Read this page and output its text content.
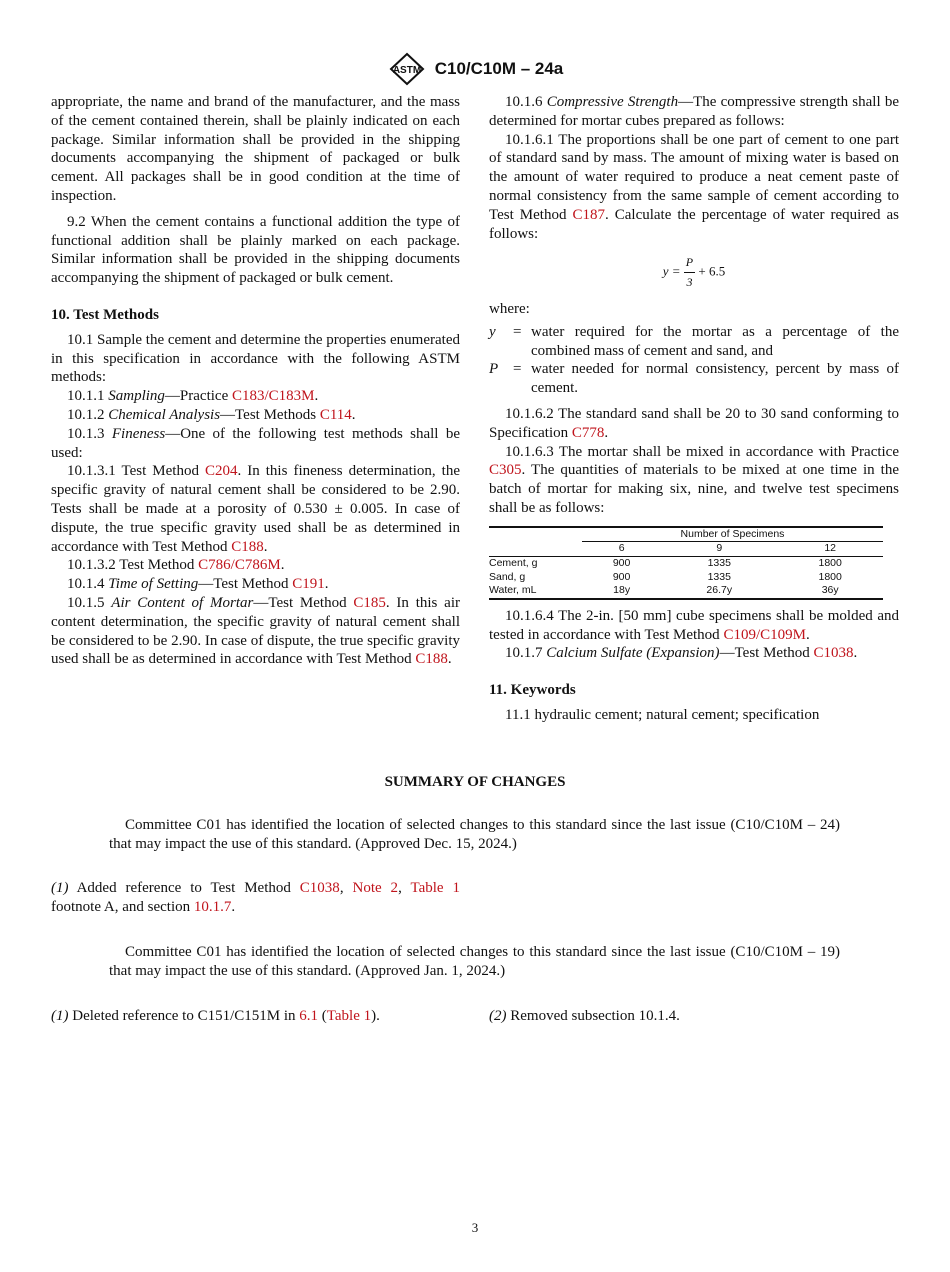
ASTM C10/C10M – 24a

appropriate, the name and brand of the manufacturer, and the mass of the cement contained therein, shall be plainly indicated on each package. Similar information shall be provided in the shipping documents accompanying the shipment of packaged or bulk cement. All packages shall be in good condition at the time of inspection.

9.2 When the cement contains a functional addition the type of functional addition shall be plainly marked on each package. Similar information shall be provided in the shipping documents accompanying the shipment of packaged or bulk cement.

10. Test Methods

10.1 Sample the cement and determine the properties enumerated in this specification in accordance with the following ASTM methods:

10.1.1 Sampling—Practice C183/C183M.

10.1.2 Chemical Analysis—Test Methods C114.

10.1.3 Fineness—One of the following test methods shall be used:

10.1.3.1 Test Method C204. In this fineness determination, the specific gravity of natural cement shall be considered to be 2.90. Tests shall be made at a porosity of 0.530 ± 0.005. In case of dispute, the true specific gravity used shall be as determined in accordance with Test Method C188.

10.1.3.2 Test Method C786/C786M.

10.1.4 Time of Setting—Test Method C191.

10.1.5 Air Content of Mortar—Test Method C185. In this air content determination, the specific gravity of natural cement shall be considered to be 2.90. In case of dispute, the true specific gravity used shall be as determined in accordance with Test Method C188.

10.1.6 Compressive Strength—The compressive strength shall be determined for mortar cubes prepared as follows:

10.1.6.1 The proportions shall be one part of cement to one part of standard sand by mass. The amount of mixing water is based on the amount of water required to produce a neat cement paste of normal consistency from the same sample of cement according to Test Method C187. Calculate the percentage of water required as follows:

$y = \frac{P}{3} + 6.5$

where:

y	= water required for the mortar as a percentage of the combined mass of cement and sand, and
P = water needed for normal consistency, percent by mass of cement.

10.1.6.2 The standard sand shall be 20 to 30 sand conforming to Specification C778.

10.1.6.3 The mortar shall be mixed in accordance with Practice C305. The quantities of materials to be mixed at one time in the batch of mortar for making six, nine, and twelve test specimens shall be as follows:

	Number of Specimens		
	6	9	12
Cement, g	900	1335	1800
Sand, g	900	1335	1800
Water, mL	18y	26.7y	36y

10.1.6.4 The 2-in. [50 mm] cube specimens shall be molded and tested in accordance with Test Method C109/C109M.

10.1.7 Calcium Sulfate (Expansion)—Test Method C1038.

11. Keywords

11.1 hydraulic cement; natural cement; specification

SUMMARY OF CHANGES
Committee C01 has identified the location of selected changes to this standard since the last issue (C10/C10M – 24) that may impact the use of this standard. (Approved Dec. 15, 2024.)
(1) Added reference to Test Method C1038, Note 2, Table 1 footnote A, and section 10.1.7.
Committee C01 has identified the location of selected changes to this standard since the last issue (C10/C10M – 19) that may impact the use of this standard. (Approved Jan. 1, 2024.)
(1) Deleted reference to C151/C151M in 6.1 (Table 1).	(2) Removed subsection 10.1.4.
3
